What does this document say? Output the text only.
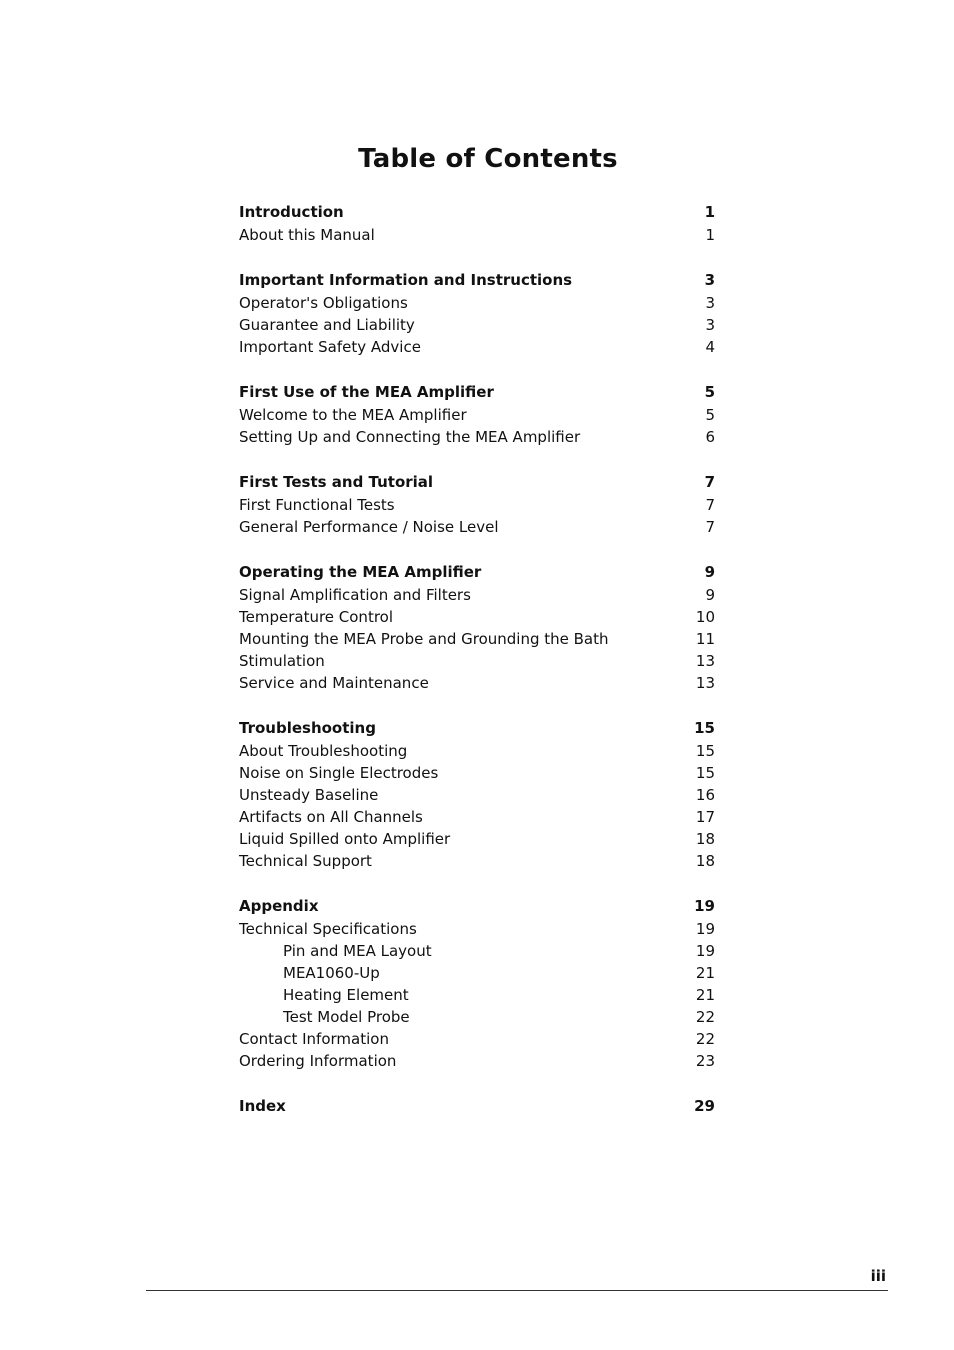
Table of Contents
Introduction	1
About this Manual	1
Important Information and Instructions	3
Operator's Obligations	3
Guarantee and Liability	3
Important Safety Advice	4
First Use of the MEA Amplifier	5
Welcome to the MEA Amplifier	5
Setting Up and Connecting the MEA Amplifier	6
First Tests and Tutorial	7
First Functional Tests	7
General Performance / Noise Level	7
Operating the MEA Amplifier	9
Signal Amplification and Filters	9
Temperature Control	10
Mounting the MEA Probe and Grounding the Bath	11
Stimulation	13
Service and Maintenance	13
Troubleshooting	15
About Troubleshooting	15
Noise on Single Electrodes	15
Unsteady Baseline	16
Artifacts on All Channels	17
Liquid Spilled onto Amplifier	18
Technical Support	18
Appendix	19
Technical Specifications	19
Pin and MEA Layout	19
MEA1060-Up	21
Heating Element	21
Test Model Probe	22
Contact Information	22
Ordering Information	23
Index	29
iii
